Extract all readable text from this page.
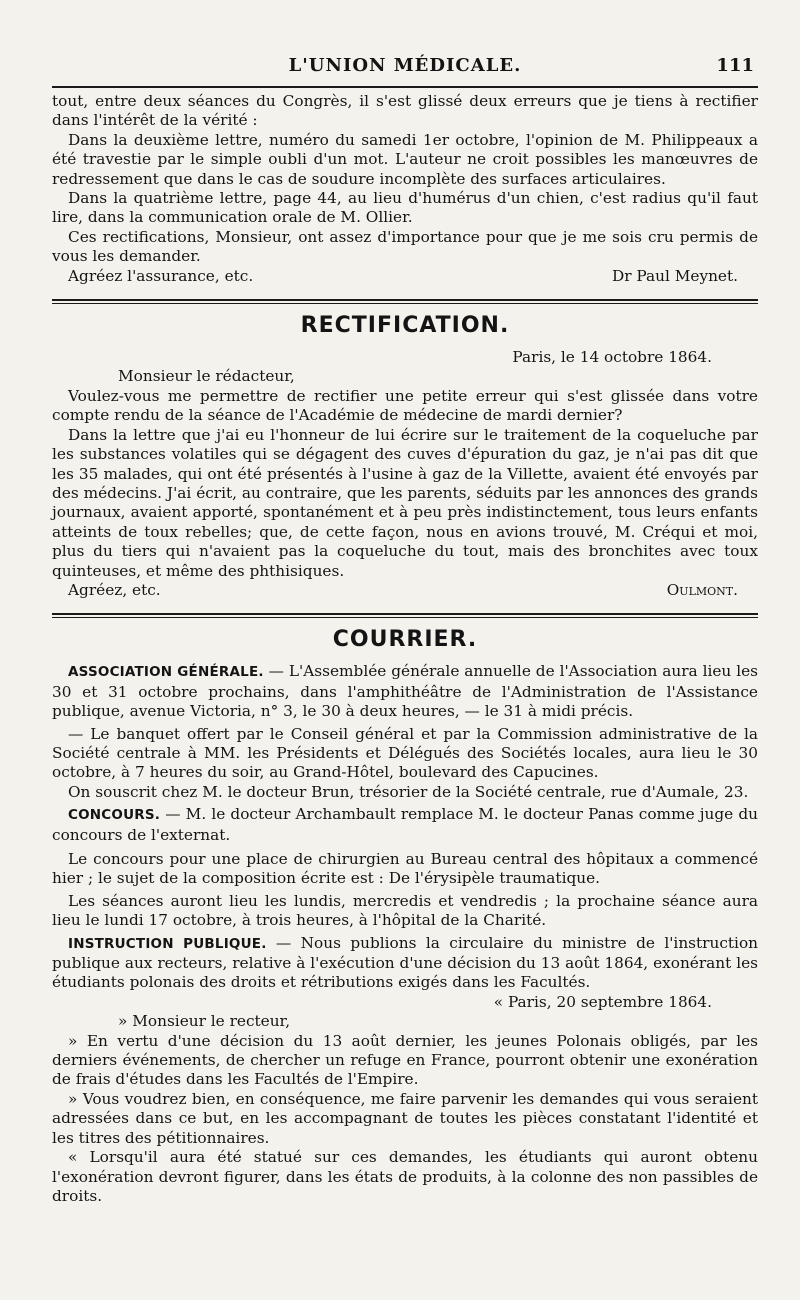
L'UNION MÉDICALE.	111

tout, entre deux séances du Congrès, il s'est glissé deux erreurs que je tiens à rectifier dans l'intérêt de la vérité :

Dans la deuxième lettre, numéro du samedi 1er octobre, l'opinion de M. Philippeaux a été travestie par le simple oubli d'un mot. L'auteur ne croit possibles les manœuvres de redressement que dans le cas de soudure incomplète des surfaces articulaires.

Dans la quatrième lettre, page 44, au lieu d'humérus d'un chien, c'est radius qu'il faut lire, dans la communication orale de M. Ollier.

Ces rectifications, Monsieur, ont assez d'importance pour que je me sois cru permis de vous les demander.

Agréez l'assurance, etc.	Dr Paul Meynet.
RECTIFICATION.
Paris, le 14 octobre 1864.
Monsieur le rédacteur,

Voulez-vous me permettre de rectifier une petite erreur qui s'est glissée dans votre compte rendu de la séance de l'Académie de médecine de mardi dernier?

Dans la lettre que j'ai eu l'honneur de lui écrire sur le traitement de la coqueluche par les substances volatiles qui se dégagent des cuves d'épuration du gaz, je n'ai pas dit que les 35 malades, qui ont été présentés à l'usine à gaz de la Villette, avaient été envoyés par des médecins. J'ai écrit, au contraire, que les parents, séduits par les annonces des grands journaux, avaient apporté, spontanément et à peu près indistinctement, tous leurs enfants atteints de toux rebelles; que, de cette façon, nous en avions trouvé, M. Créqui et moi, plus du tiers qui n'avaient pas la coqueluche du tout, mais des bronchites avec toux quinteuses, et même des phthisiques.

Agréez, etc.	Oulmont.
COURRIER.

ASSOCIATION GÉNÉRALE. — L'Assemblée générale annuelle de l'Association aura lieu les 30 et 31 octobre prochains, dans l'amphithéâtre de l'Administration de l'Assistance publique, avenue Victoria, n° 3, le 30 à deux heures, — le 31 à midi précis.

— Le banquet offert par le Conseil général et par la Commission administrative de la Société centrale à MM. les Présidents et Délégués des Sociétés locales, aura lieu le 30 octobre, à 7 heures du soir, au Grand-Hôtel, boulevard des Capucines.

On souscrit chez M. le docteur Brun, trésorier de la Société centrale, rue d'Aumale, 23.

CONCOURS. — M. le docteur Archambault remplace M. le docteur Panas comme juge du concours de l'externat.

Le concours pour une place de chirurgien au Bureau central des hôpitaux a commencé hier ; le sujet de la composition écrite est : De l'érysipèle traumatique.

Les séances auront lieu les lundis, mercredis et vendredis ; la prochaine séance aura lieu le lundi 17 octobre, à trois heures, à l'hôpital de la Charité.

INSTRUCTION PUBLIQUE. — Nous publions la circulaire du ministre de l'instruction publique aux recteurs, relative à l'exécution d'une décision du 13 août 1864, exonérant les étudiants polonais des droits et rétributions exigés dans les Facultés.

« Paris, 20 septembre 1864.
» Monsieur le recteur,

» En vertu d'une décision du 13 août dernier, les jeunes Polonais obligés, par les derniers événements, de chercher un refuge en France, pourront obtenir une exonération de frais d'études dans les Facultés de l'Empire.

» Vous voudrez bien, en conséquence, me faire parvenir les demandes qui vous seraient adressées dans ce but, en les accompagnant de toutes les pièces constatant l'identité et les titres des pétitionnaires.

« Lorsqu'il aura été statué sur ces demandes, les étudiants qui auront obtenu l'exonération devront figurer, dans les états de produits, à la colonne des non passibles de droits.
